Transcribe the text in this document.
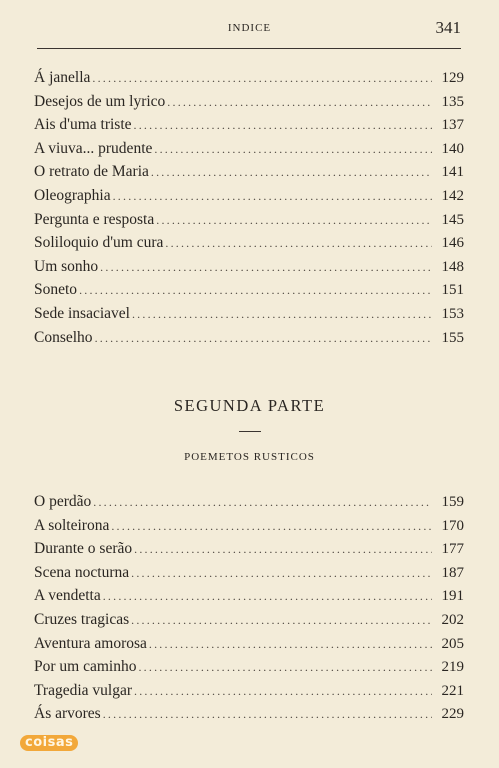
INDICE	341
Á janella .....	129
Desejos de um lyrico .....	135
Ais d'uma triste .....	137
A viuva... prudente .....	140
O retrato de Maria .....	141
Oleographia .....	142
Pergunta e resposta .....	145
Soliloquio d'um cura .....	146
Um sonho .....	148
Soneto .....	151
Sede insaciavel .....	153
Conselho .....	155
SEGUNDA PARTE
POEMETOS RUSTICOS
O perdão .....	159
A solteirona .....	170
Durante o serão .....	177
Scena nocturna .....	187
A vendetta .....	191
Cruzes tragicas .....	202
Aventura amorosa .....	205
Por um caminho .....	219
Tragedia vulgar .....	221
Ás arvores .....	229
coisas
